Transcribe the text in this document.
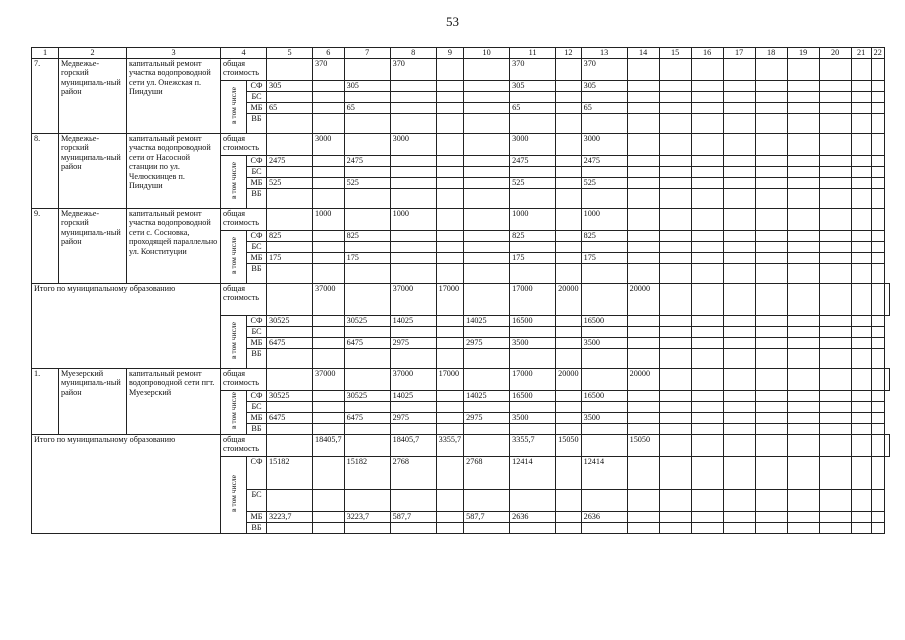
53
1	2	3	4		5	6	7	8	9	10	11	12	13	14	15	16	17	18	19	20	21	22	
7.	Медвежье-горский муниципаль-ный район	капитальный ремонт участка водопроводной сети ул. Онежская п. Пиндуши	общая стоимость			370		370			370		370										
			в том числе	СФ	305		305				305		305										
				БС																			
				МБ	65		65				65		65										
				ВБ																			
8.	Медвежье-горский муниципаль-ный район	капитальный ремонт участка водопроводной сети от Насосной станции по ул. Челюскинцев п. Пиндуши	общая стоимость			3000		3000			3000		3000										
			в том числе	СФ	2475		2475				2475		2475										
				БС																			
				МБ	525		525				525		525										
				ВБ																			
9.	Медвежье-горский муниципаль-ный район	капитальный ремонт участка водопроводной сети с. Сосновка, проходящей параллельно ул. Конституции	общая стоимость			1000		1000			1000		1000										
			в том числе	СФ	825		825				825		825										
				БС																			
				МБ	175		175				175		175										
				ВБ																			
Итого по муниципальному образованию			общая стоимость			37000		37000	17000		17000	20000		20000									
			в том числе	СФ	30525		30525	14025		14025	16500		16500										
				БС																			
				МБ	6475		6475	2975		2975	3500		3500										
				ВБ																			
1.	Муезерский муниципаль-ный район	капитальный ремонт водопроводной сети пгт. Муезерский	общая стоимость			37000		37000	17000		17000	20000		20000									
			в том числе	СФ	30525		30525	14025		14025	16500		16500										
				БС																			
				МБ	6475		6475	2975		2975	3500		3500										
				ВБ																			
Итого по муниципальному образованию			общая стоимость			18405,7		18405,7	3355,7		3355,7	15050		15050									
			в том числе	СФ	15182		15182	2768		2768	12414		12414										
				БС																			
				МБ	3223,7		3223,7	587,7		587,7	2636		2636										
				ВБ																			
